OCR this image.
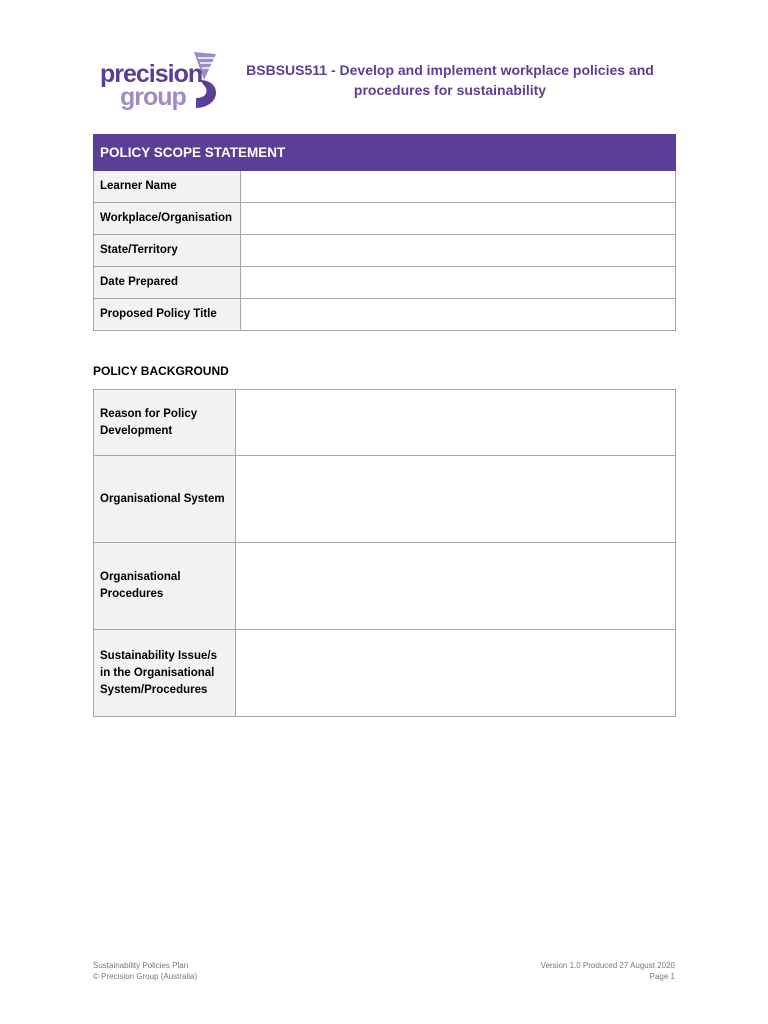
precision
group
BSBSUS511 - Develop and implement workplace policies and procedures for sustainability
POLICY SCOPE STATEMENT	
Learner Name	
Workplace/Organisation	
State/Territory	
Date Prepared	
Proposed Policy Title	
POLICY BACKGROUND
Reason for Policy Development	
Organisational System	
Organisational Procedures	
Sustainability Issue/s in the Organisational System/Procedures	
Sustainability Policies Plan
© Precision Group (Australia)
Version 1.0 Produced 27 August 2020
Page 1
